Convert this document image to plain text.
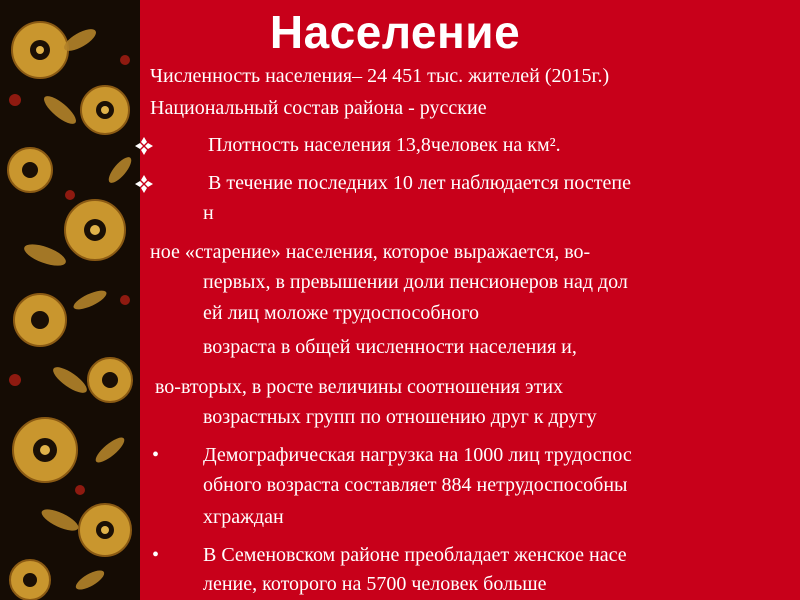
Население
Численность населения– 24 451 тыс. жителей (2015г.)
Национальный состав района - русские
Плотность населения 13,8человек на км².
В течение последних 10 лет наблюдается постепе
н
ное «старение» населения, которое выражается, во-
первых, в превышении доли пенсионеров над дол
ей лиц моложе трудоспособного
возраста в общей численности населения и,
во-вторых, в росте величины соотношения этих
возрастных групп по отношению друг к другу
• Демографическая нагрузка на 1000 лиц трудоспос
обного возраста составляет 884 нетрудоспособны
хграждан
• В Семеновском районе преобладает женское насе
ление, которого на 5700 человек больше
